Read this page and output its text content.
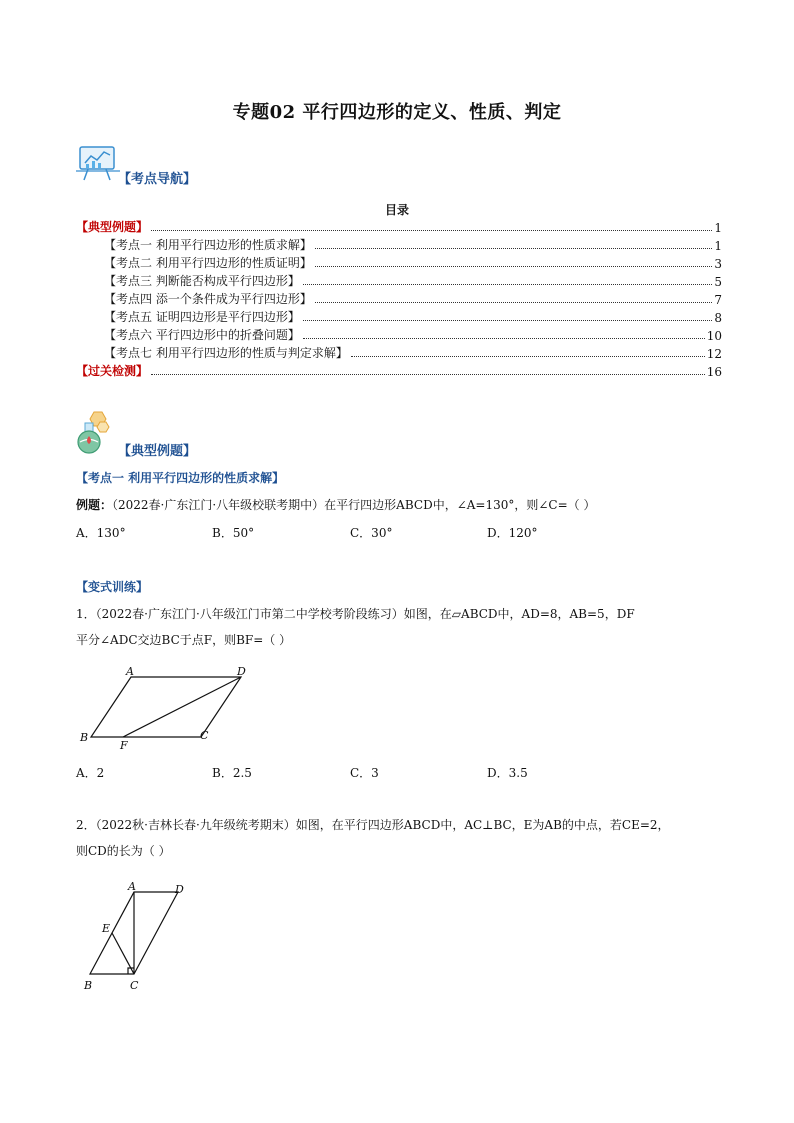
专题02 平行四边形的定义、性质、判定
【考点导航】
目录
【典型例题】	1
【考点一 利用平行四边形的性质求解】	1
【考点二 利用平行四边形的性质证明】	3
【考点三 判断能否构成平行四边形】	5
【考点四 添一个条件成为平行四边形】	7
【考点五 证明四边形是平行四边形】	8
【考点六 平行四边形中的折叠问题】	10
【考点七 利用平行四边形的性质与判定求解】	12
【过关检测】	16
【典型例题】
【考点一 利用平行四边形的性质求解】
例题：（2022春·广东江门·八年级校联考期中）在平行四边形ABCD中，∠A=130°，则∠C=（ ）
A．130°	B．50°	C．30°	D．120°
【变式训练】
1．（2022春·广东江门·八年级江门市第二中学校考阶段练习）如图，在▱ABCD中，AD=8，AB=5，DF
平分∠ADC交边BC于点F，则BF=（ ）
A	D
B
F
C
A．2	B．2.5	C．3	D．3.5
2．（2022秋·吉林长春·九年级统考期末）如图，在平行四边形ABCD中，AC⊥BC，E为AB的中点，若CE=2，
则CD的长为（ ）
A	D
E
B	C
